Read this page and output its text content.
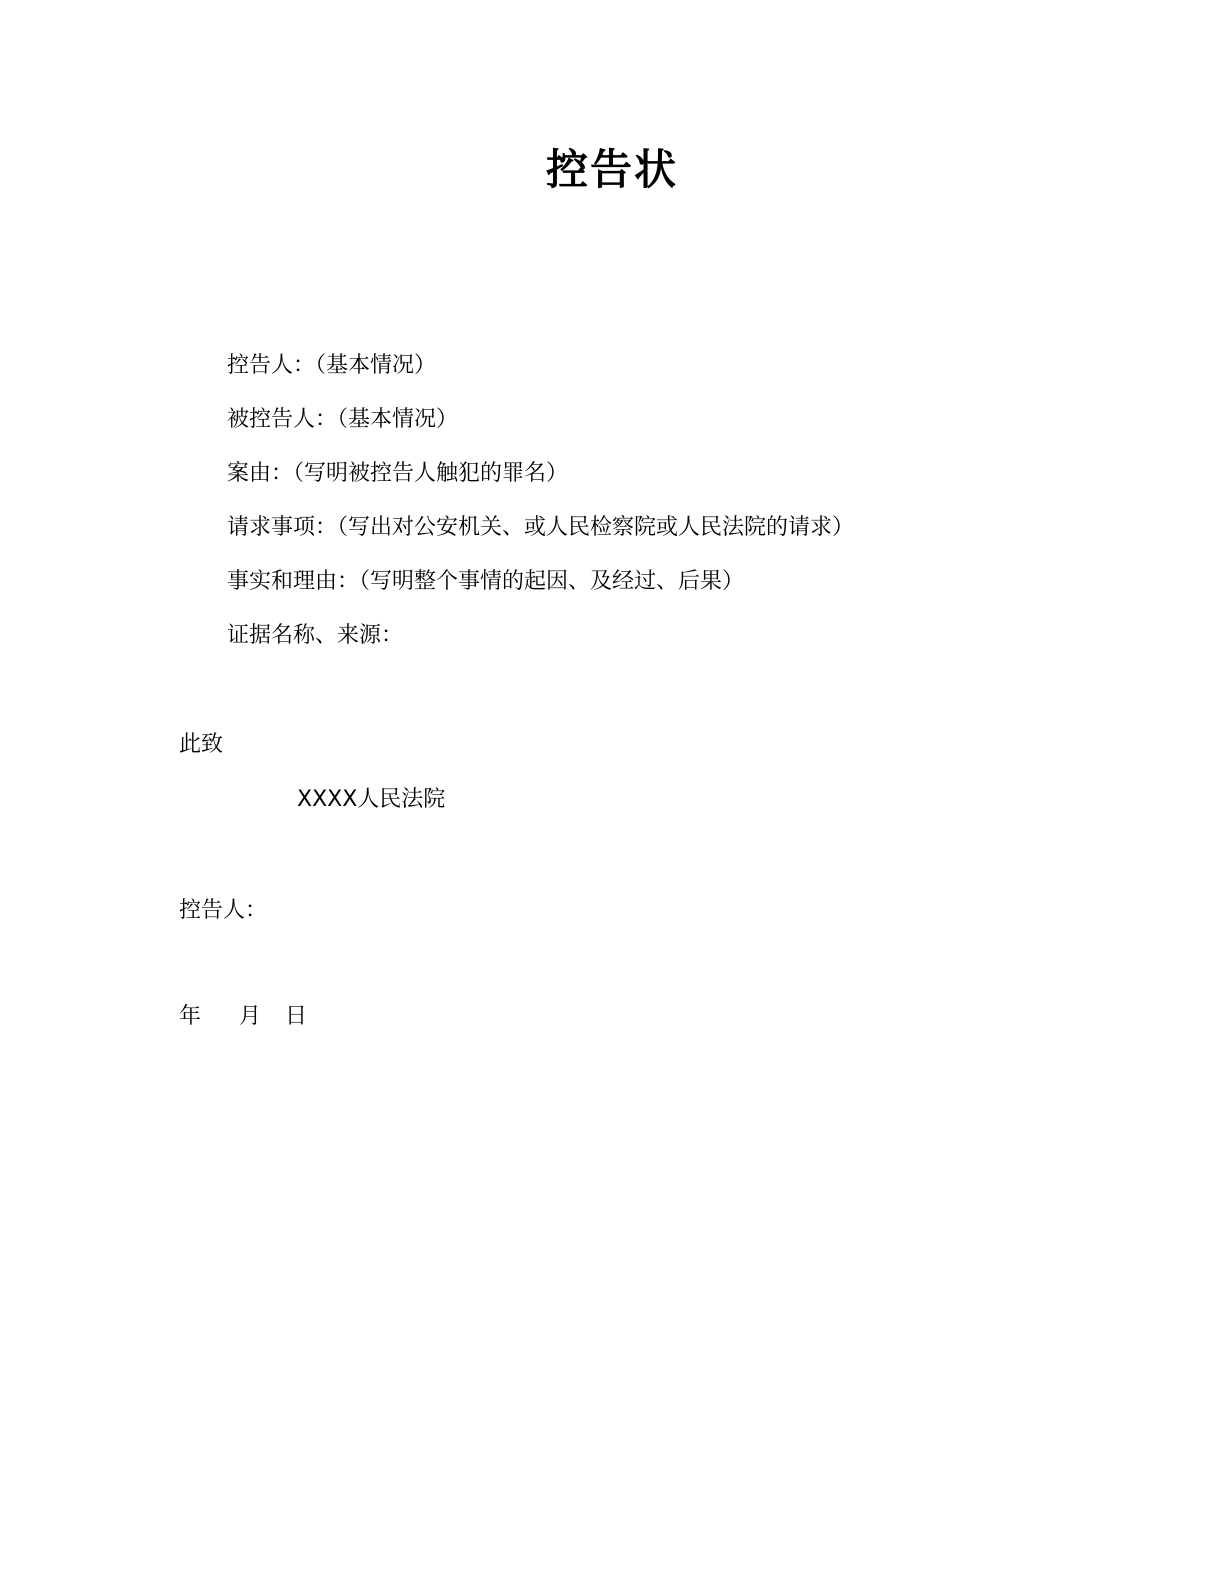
控告状
控告人：（基本情况）
被控告人：（基本情况）
案由：（写明被控告人触犯的罪名）
请求事项：（写出对公安机关、或人民检察院或人民法院的请求）
事实和理由：（写明整个事情的起因、及经过、后果）
证据名称、来源：
此致
XXXX人民法院
控告人：
年 月 日
